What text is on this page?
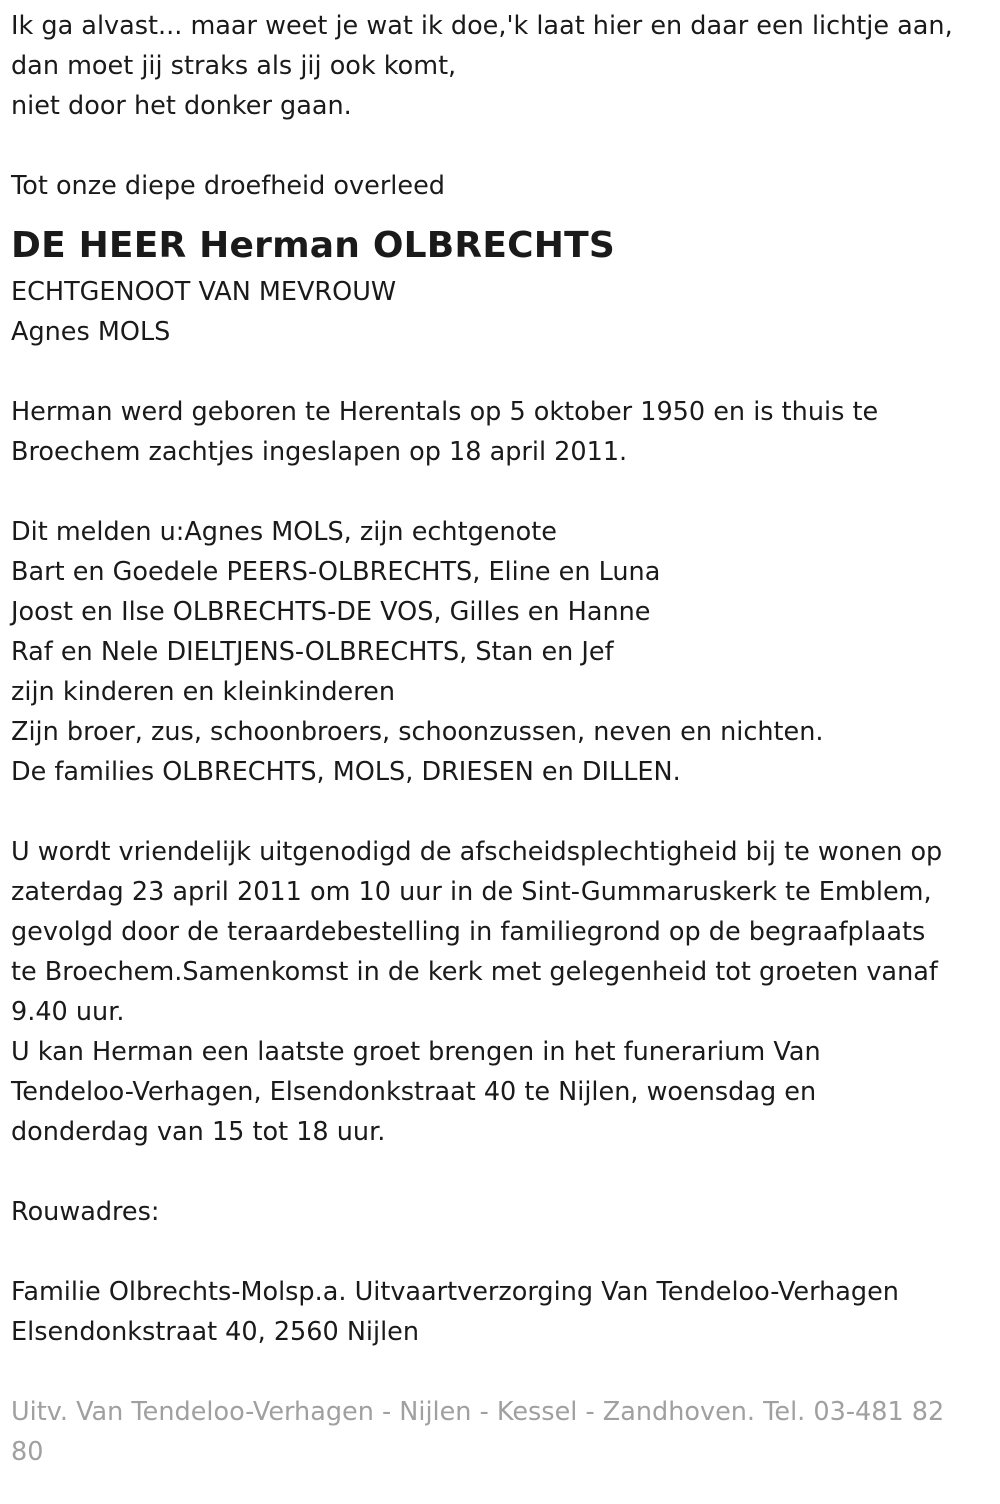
Ik ga alvast... maar weet je wat ik doe,'k laat hier en daar een lichtje aan,
dan moet jij straks als jij ook komt,
niet door het donker gaan.
Tot onze diepe droefheid overleed
DE HEER Herman OLBRECHTS
ECHTGENOOT VAN MEVROUW
Agnes MOLS
Herman werd geboren te Herentals op 5 oktober 1950 en is thuis te
Broechem zachtjes ingeslapen op 18 april 2011.
Dit melden u:Agnes MOLS, zijn echtgenote
Bart en Goedele PEERS-OLBRECHTS, Eline en Luna
Joost en Ilse OLBRECHTS-DE VOS, Gilles en Hanne
Raf en Nele DIELTJENS-OLBRECHTS, Stan en Jef
zijn kinderen en kleinkinderen
Zijn broer, zus, schoonbroers, schoonzussen, neven en nichten.
De families OLBRECHTS, MOLS, DRIESEN en DILLEN.
U wordt vriendelijk uitgenodigd de afscheidsplechtigheid bij te wonen op
zaterdag 23 april 2011 om 10 uur in de Sint-Gummaruskerk te Emblem,
gevolgd door de teraardebestelling in familiegrond op de begraafplaats
te Broechem.Samenkomst in de kerk met gelegenheid tot groeten vanaf
9.40 uur.
U kan Herman een laatste groet brengen in het funerarium Van
Tendeloo-Verhagen, Elsendonkstraat 40 te Nijlen, woensdag en
donderdag van 15 tot 18 uur.
Rouwadres:
Familie Olbrechts-Molsp.a. Uitvaartverzorging Van Tendeloo-Verhagen
Elsendonkstraat 40, 2560 Nijlen
Uitv. Van Tendeloo-Verhagen - Nijlen - Kessel - Zandhoven. Tel. 03-481 82
80
